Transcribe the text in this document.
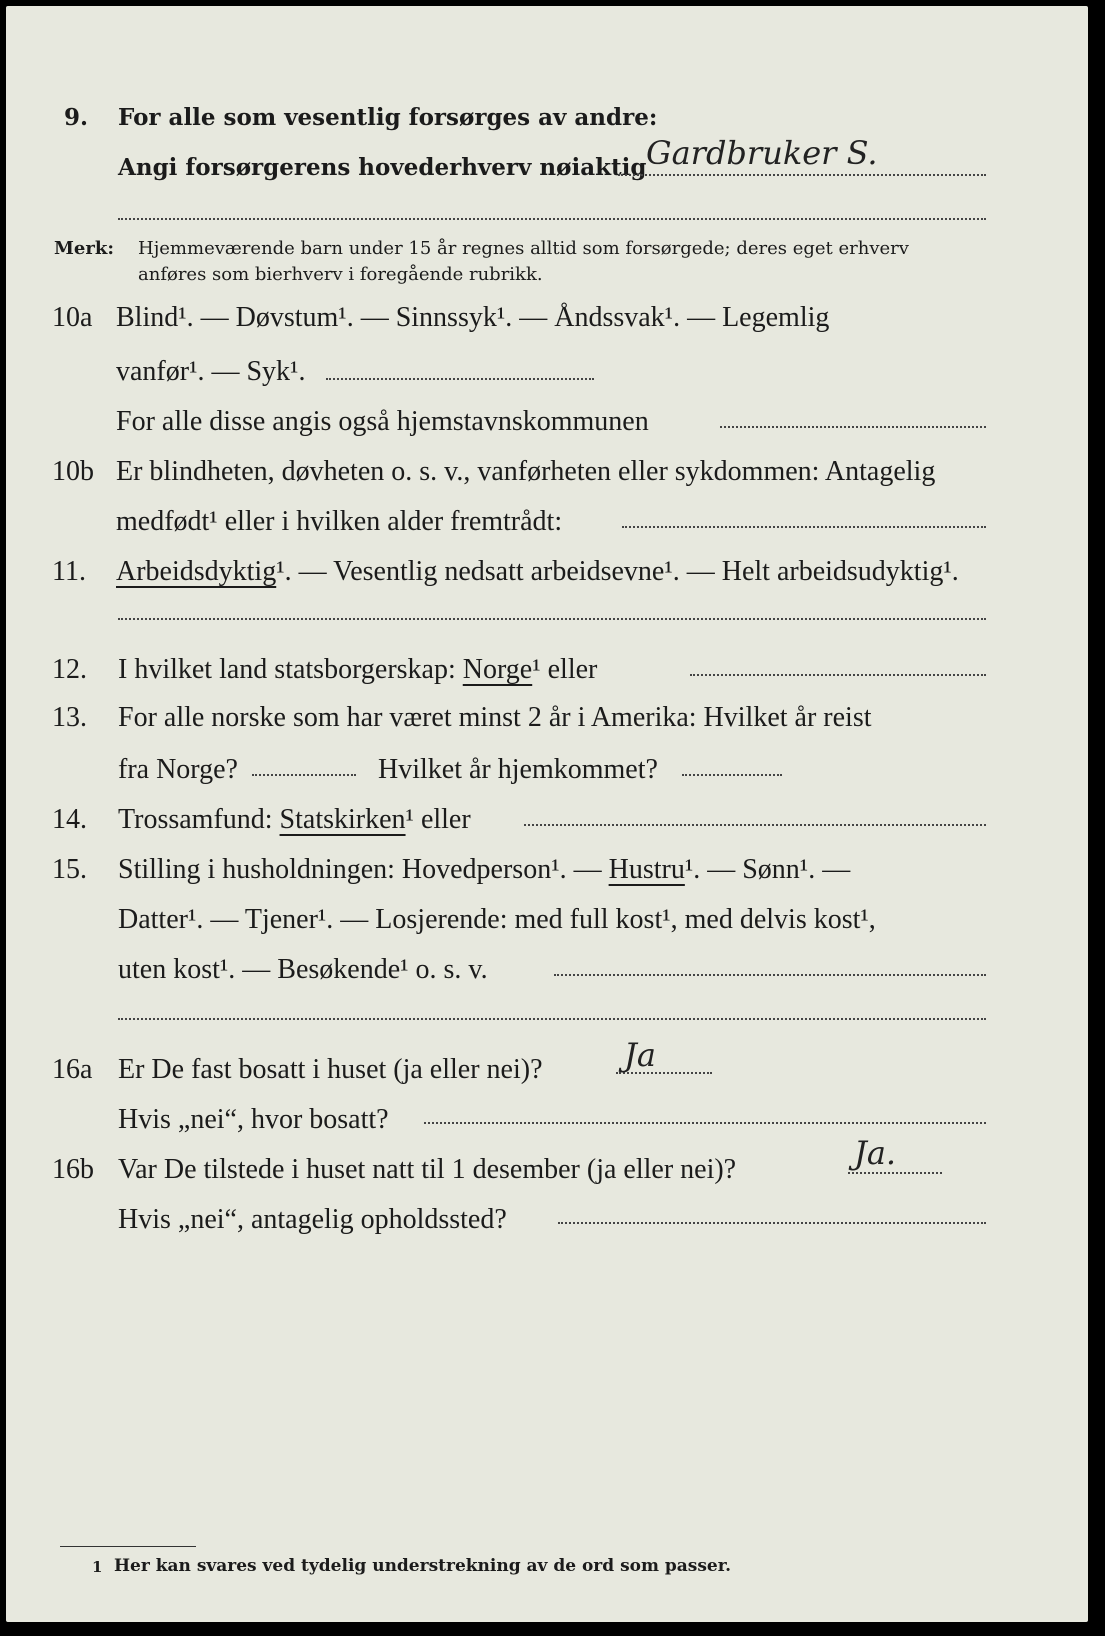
9. For alle som vesentlig forsørges av andre:
Angi forsørgerens hovederhverv nøiaktig Gardbruker S.
Merk: Hjemmeværende barn under 15 år regnes alltid som forsørgede; deres eget erhverv
anføres som bierhverv i foregående rubrikk.
10a Blind¹. — Døvstum¹. — Sinnssyk¹. — Åndssvak¹. — Legemlig
vanfør¹. — Syk¹.
For alle disse angis også hjemstavnskommunen
10b Er blindheten, døvheten o. s. v., vanførheten eller sykdommen: Antagelig
medfødt¹ eller i hvilken alder fremtrådt:
11. Arbeidsdyktig¹. — Vesentlig nedsatt arbeidsevne¹. — Helt arbeidsudyktig¹.
12. I hvilket land statsborgerskap: Norge¹ eller
13. For alle norske som har været minst 2 år i Amerika: Hvilket år reist
fra Norge?	Hvilket år hjemkommet?
14. Trossamfund: Statskirken¹ eller
15. Stilling i husholdningen: Hovedperson¹. — Hustru¹. — Sønn¹. —
Datter¹. — Tjener¹. — Losjerende: med full kost¹, med delvis kost¹,
uten kost¹. — Besøkende¹ o. s. v.
16a Er De fast bosatt i huset (ja eller nei)?	Ja
Hvis „nei“, hvor bosatt?
16b Var De tilstede i huset natt til 1 desember (ja eller nei)?	Ja.
Hvis „nei“, antagelig opholdssted?
1 Her kan svares ved tydelig understrekning av de ord som passer.
